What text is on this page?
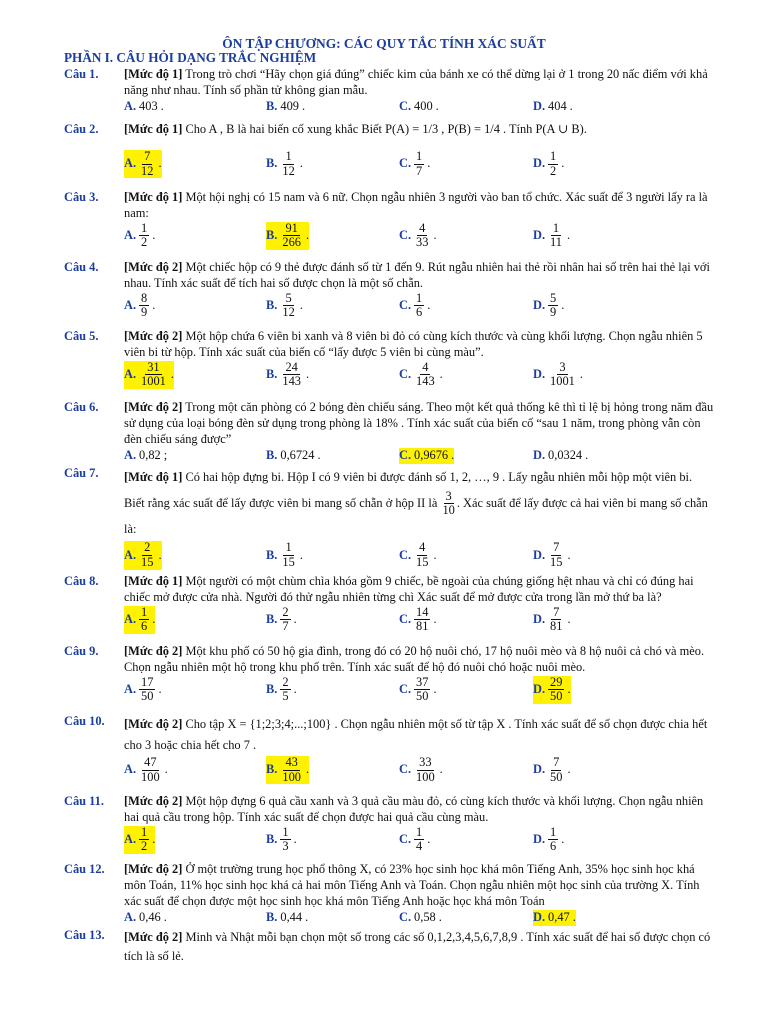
ÔN TẬP CHƯƠNG: CÁC QUY TẮC TÍNH XÁC SUẤT
PHẦN I. CÂU HỎI DẠNG TRẮC NGHIỆM
Câu 1. [Mức độ 1] Trong trò chơi “Hãy chọn giá đúng” chiếc kim của bánh xe có thể dừng lại ở 1 trong 20 nấc điểm với khả năng như nhau. Tính số phần tử không gian mẫu.
A. 403 .	B. 409 .	C. 400 .	D. 404 .
Câu 2. [Mức độ 1] Cho A , B là hai biến cố xung khắc Biết P(A) = 1/3 , P(B) = 1/4 . Tính P(A ∪ B).
A.
7
12
.	B.
1
12
.	C.
1
7
.	D.
1
2
.
Câu 3. [Mức độ 1] Một hội nghị có 15 nam và 6 nữ. Chọn ngẫu nhiên 3 người vào ban tổ chức. Xác suất để 3 người lấy ra là nam:
A.
1
2
.	B.
91
266
.	C.
4
33
.	D.
1
11
.
Câu 4. [Mức độ 2] Một chiếc hộp có 9 thẻ được đánh số từ 1 đến 9. Rút ngẫu nhiên hai thẻ rồi nhân hai số trên hai thẻ lại với nhau. Tính xác suất để tích hai số được chọn là một số chẵn.
A.
8
9
.	B.
5
12
.	C.
1
6
.	D.
5
9
.
Câu 5. [Mức độ 2] Một hộp chứa 6 viên bi xanh và 8 viên bi đỏ có cùng kích thước và cùng khối lượng. Chọn ngẫu nhiên 5 viên bi từ hộp. Tính xác suất của biến cố “lấy được 5 viên bi cùng màu”.
A.
31
1001
.	B.
24
143
.	C.
4
143
.	D.
3
1001
.
Câu 6. [Mức độ 2] Trong một căn phòng có 2 bóng đèn chiếu sáng. Theo một kết quả thống kê thì tỉ lệ bị hỏng trong năm đầu sử dụng của loại bóng đèn sử dụng trong phòng là 18% . Tính xác suất của biến cố “sau 1 năm, trong phòng vẫn còn đèn chiếu sáng được”
A. 0,82 ;	B. 0,6724 .	C. 0,9676 .	D. 0,0324 .
Câu 7. [Mức độ 1] Có hai hộp đựng bi. Hộp I có 9 viên bi được đánh số 1, 2, …, 9 . Lấy ngẫu nhiên mỗi hộp một viên bi. Biết rằng xác suất để lấy được viên bi mang số chẵn ở hộp II là $\frac{3}{10}$ . Xác suất để lấy được cả hai viên bi mang số chẵn là:
A.
2
15
.	B.
1
15
.	C.
4
15
.	D.
7
15
.
Câu 8. [Mức độ 1] Một người có một chùm chìa khóa gồm 9 chiếc, bề ngoài của chúng giống hệt nhau và chỉ có đúng hai chiếc mở được cửa nhà. Người đó thử ngẫu nhiên từng chì Xác suất để mở được cửa trong lần mở thứ ba là?
A.
1
6
.	B.
2
7
.	C.
14
81
.	D.
7
81
.
Câu 9. [Mức độ 2] Một khu phố có 50 hộ gia đình, trong đó có 20 hộ nuôi chó, 17 hộ nuôi mèo và 8 hộ nuôi cả chó và mèo. Chọn ngẫu nhiên một hộ trong khu phố trên. Tính xác suất để hộ đó nuôi chó hoặc nuôi mèo.
A.
17
50
.	B.
2
5
.	C.
37
50
.	D.
29
50
.
Câu 10. [Mức độ 2] Cho tập X = {1;2;3;4;...;100} . Chọn ngẫu nhiên một số từ tập X . Tính xác suất để số chọn được chia hết cho 3 hoặc chia hết cho 7 .
A.
47
100
.	B.
43
100
.	C.
33
100
.	D.
7
50
.
Câu 11. [Mức độ 2] Một hộp đựng 6 quả cầu xanh và 3 quả cầu màu đỏ, có cùng kích thước và khối lượng. Chọn ngẫu nhiên hai quả cầu trong hộp. Tính xác suất để chọn được hai quả cầu cùng màu.
A.
1
2
.	B.
1
3
.	C.
1
4
.	D.
1
6
.
Câu 12. [Mức độ 2] Ở một trường trung học phổ thông X, có 23% học sinh học khá môn Tiếng Anh, 35% học sinh học khá môn Toán, 11% học sinh học khá cả hai môn Tiếng Anh và Toán. Chọn ngẫu nhiên một học sinh của trường X. Tính xác suất để chọn được một học sinh học khá môn Tiếng Anh hoặc học khá môn Toán
A. 0,46 .	B. 0,44 .	C. 0,58 .	D. 0,47 .
Câu 13. [Mức độ 2] Minh và Nhật mỗi bạn chọn một số trong các số 0,1,2,3,4,5,6,7,8,9 . Tính xác suất để hai số được chọn có tích là số lẻ.
